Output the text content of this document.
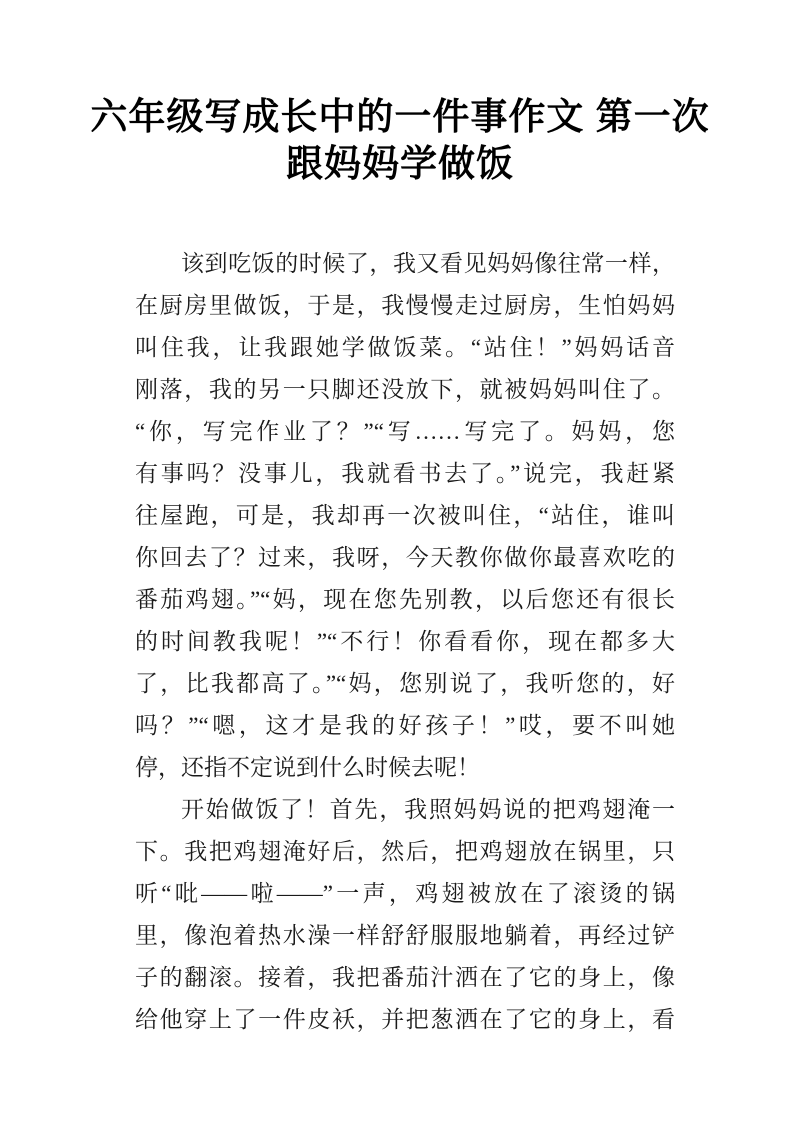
六年级写成长中的一件事作文 第一次
跟妈妈学做饭
该到吃饭的时候了，我又看见妈妈像往常一样，
在厨房里做饭，于是，我慢慢走过厨房，生怕妈妈
叫住我，让我跟她学做饭菜。“站住！”妈妈话音
刚落，我的另一只脚还没放下，就被妈妈叫住了。
“你，写完作业了？”“写……写完了。妈妈，您
有事吗？没事儿，我就看书去了。”说完，我赶紧
往屋跑，可是，我却再一次被叫住，“站住，谁叫
你回去了？过来，我呀，今天教你做你最喜欢吃的
番茄鸡翅。”“妈，现在您先别教，以后您还有很长
的时间教我呢！”“不行！你看看你，现在都多大
了，比我都高了。”“妈，您别说了，我听您的，好
吗？”“嗯，这才是我的好孩子！”哎，要不叫她
停，还指不定说到什么时候去呢！
开始做饭了！首先，我照妈妈说的把鸡翅淹一
下。我把鸡翅淹好后，然后，把鸡翅放在锅里，只
听“吡——啦——”一声，鸡翅被放在了滚烫的锅
里，像泡着热水澡一样舒舒服服地躺着，再经过铲
子的翻滚。接着，我把番茄汁洒在了它的身上，像
给他穿上了一件皮袄，并把葱洒在了它的身上，看
